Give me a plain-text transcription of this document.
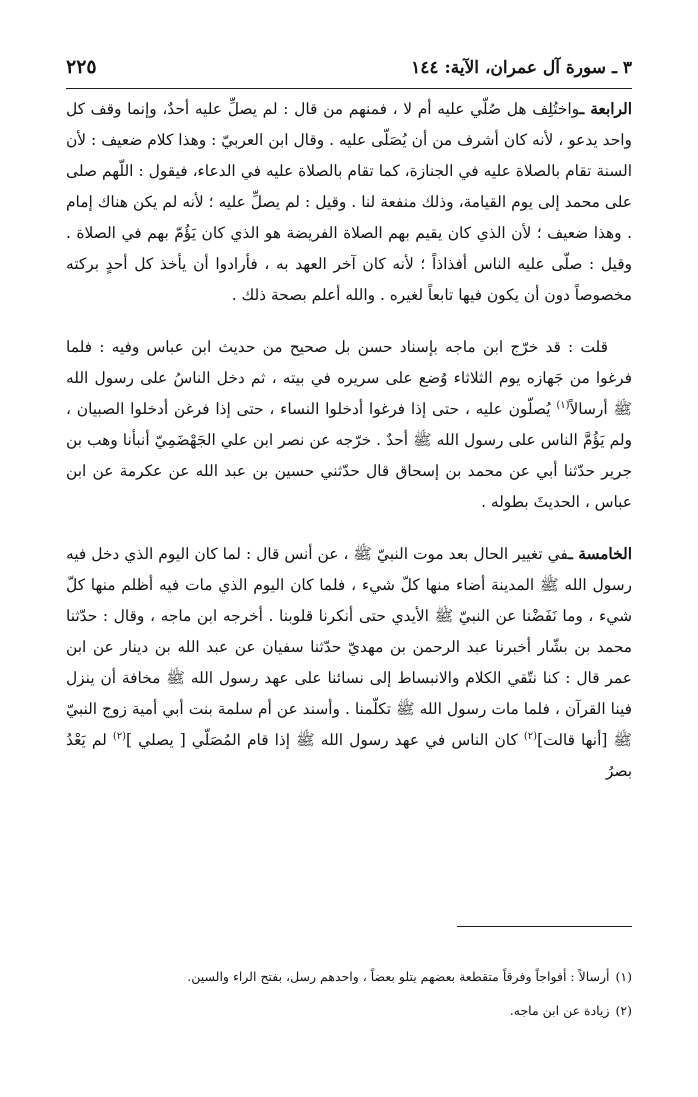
٣ ـ سورة آل عمران، الآية: ١٤٤
٢٢٥

الرابعة ـواختُلِف هل صُلّي عليه أم لا ، فمنهم من قال : لم يصلِّ عليه أحدٌ، وإنما وقف كل واحد يدعو ، لأنه كان أشرف من أن يُصَلّى عليه . وقال ابن العربيّ : وهذا كلام ضعيف : لأن السنة تقام بالصلاة عليه في الجنازة، كما تقام بالصلاة عليه في الدعاء، فيقول : اللّهم صلى على محمد إلى يوم القيامة، وذلك منفعة لنا . وقيل : لم يصلِّ عليه ؛ لأنه لم يكن هناك إمام . وهذا ضعيف ؛ لأن الذي كان يقيم بهم الصلاة الفريضة هو الذي كان يَؤُمّ بهم في الصلاة . وقيل : صلّى عليه الناس أفذاذاً ؛ لأنه كان آخر العهد به ، فأرادوا أن يأخذ كل أحدٍ بركته مخصوصاً دون أن يكون فيها تابعاً لغيره . والله أعلم بصحة ذلك .

قلت : قد خرّج ابن ماجه بإسناد حسن بل صحيح من حديث ابن عباس وفيه : فلما فرغوا من جَهازه يوم الثلاثاء وُضع على سريره في بيته ، ثم دخل الناسُ على رسول الله ﷺ أرسالاً$^{(١)}$ يُصلّون عليه ، حتى إذا فرغوا أدخلوا النساء ، حتى إذا فرغن أدخلوا الصبيان ، ولم يَؤُمَّ الناس على رسول الله ﷺ أحدٌ . خرّجه عن نصر ابن علي الجَهْضَمِيّ أنبأنا وهب بن جرير حدّثنا أبي عن محمد بن إسحاق قال حدّثني حسين بن عبد الله عن عكرمة عن ابن عباس ، الحديثَ بطوله .

الخامسة ـفي تغيير الحال بعد موت النبيّ ﷺ ، عن أنس قال : لما كان اليوم الذي دخل فيه رسول الله ﷺ المدينة أضاء منها كلّ شيء ، فلما كان اليوم الذي مات فيه أظلم منها كلّ شيء ، وما نَفَضْنا عن النبيّ ﷺ الأيدي حتى أنكرنا قلوبنا . أخرجه ابن ماجه ، وقال : حدّثنا محمد بن بشّار أخبرنا عبد الرحمن بن مهديّ حدّثنا سفيان عن عبد الله بن دينار عن ابن عمر قال : كنا نتّقي الكلام والانبساط إلى نسائنا على عهد رسول الله ﷺ مخافة أن ينزل فينا القرآن ، فلما مات رسول الله ﷺ تكلّمنا . وأسند عن أم سلمة بنت أبي أمية زوج النبيّ ﷺ [أنها قالت]$^{(٢)}$ كان الناس في عهد رسول الله ﷺ إذا قام المُصَلّي [ يصلي ]$^{(٢)}$ لم يَعْدُ بصرُ

(١)أرسالاً : أفواجاً وفرقاً متقطعة بعضهم يتلو بعضاً ، واحدهم رسل، بفتح الراء والسين.
(٢)زيادة عن ابن ماجه.
